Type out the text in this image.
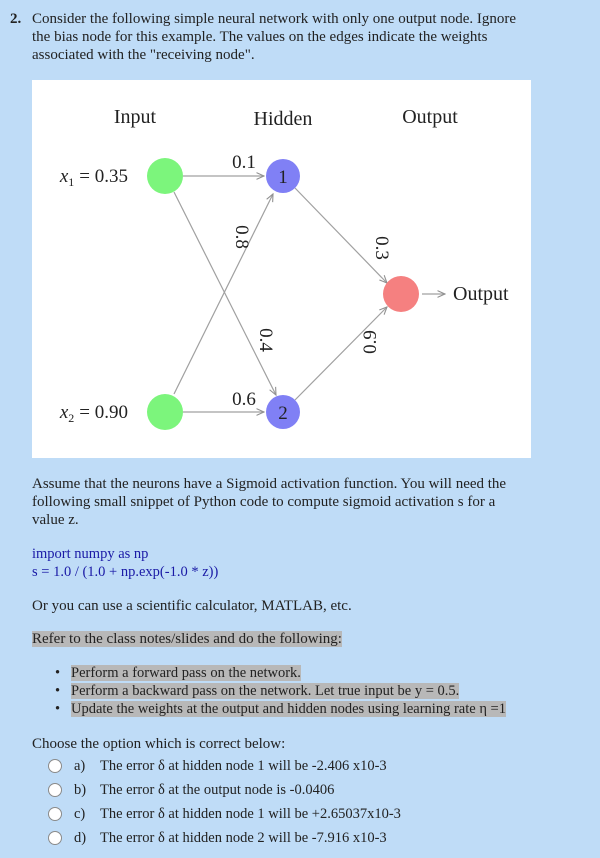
2. Consider the following simple neural network with only one output node. Ignore
the bias node for this example. The values on the edges indicate the weights
associated with the "receiving node".
Input	Hidden	Output
0.1
0.6
0.8
0.4
0.3
0.9
$x_1 = 0.35$
$x_2 = 0.90$
1
2
Output
Assume that the neurons have a Sigmoid activation function. You will need the
following small snippet of Python code to compute sigmoid activation s for a
value z.
import numpy as np
s = 1.0 / (1.0 + np.exp(-1.0 * z))
Or you can use a scientific calculator, MATLAB, etc.
Refer to the class notes/slides and do the following:
• Perform a forward pass on the network.
• Perform a backward pass on the network. Let true input be y = 0.5.
• Update the weights at the output and hidden nodes using learning rate η =1
Choose the option which is correct below:
a)	The error δ at hidden node 1 will be -2.406 x10-3
b) The error δ at the output node is -0.0406
c)	The error δ at hidden node 1 will be +2.65037x10-3
d) The error δ at hidden node 2 will be -7.916 x10-3
